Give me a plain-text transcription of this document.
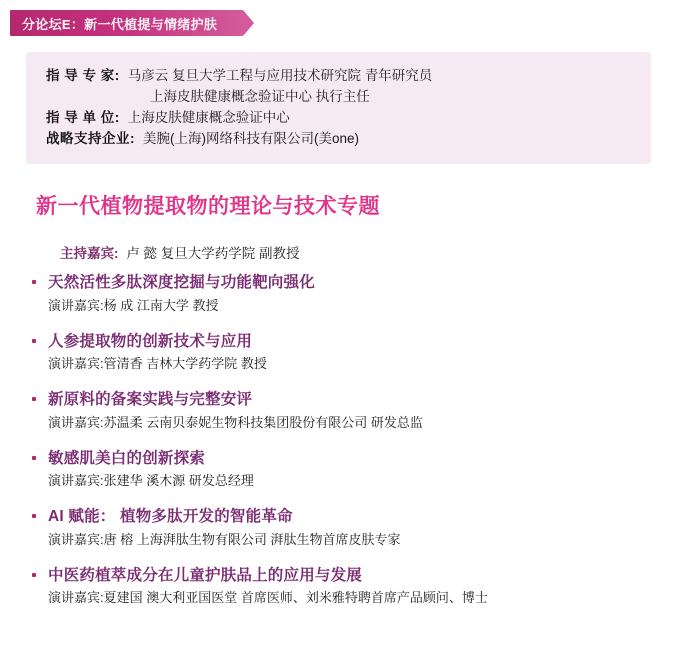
分论坛E：新一代植提与情绪护肤
指 导 专 家: 马彦云 复旦大学工程与应用技术研究院 青年研究员
上海皮肤健康概念验证中心 执行主任
指 导 单 位: 上海皮肤健康概念验证中心
战略支持企业: 美腕(上海)网络科技有限公司(美one)
新一代植物提取物的理论与技术专题
主持嘉宾: 卢 懿 复旦大学药学院 副教授
天然活性多肽深度挖掘与功能靶向强化
演讲嘉宾:杨 成 江南大学 教授
人参提取物的创新技术与应用
演讲嘉宾:管清香 吉林大学药学院 教授
新原料的备案实践与完整安评
演讲嘉宾:苏温柔 云南贝泰妮生物科技集团股份有限公司 研发总监
敏感肌美白的创新探索
演讲嘉宾:张建华 溪木源 研发总经理
AI 赋能： 植物多肽开发的智能革命
演讲嘉宾:唐 榕 上海湃肽生物有限公司 湃肽生物首席皮肤专家
中医药植萃成分在儿童护肤品上的应用与发展
演讲嘉宾:夏建国 澳大利亚国医堂 首席医师、刘米雅特聘首席产品顾问、博士
